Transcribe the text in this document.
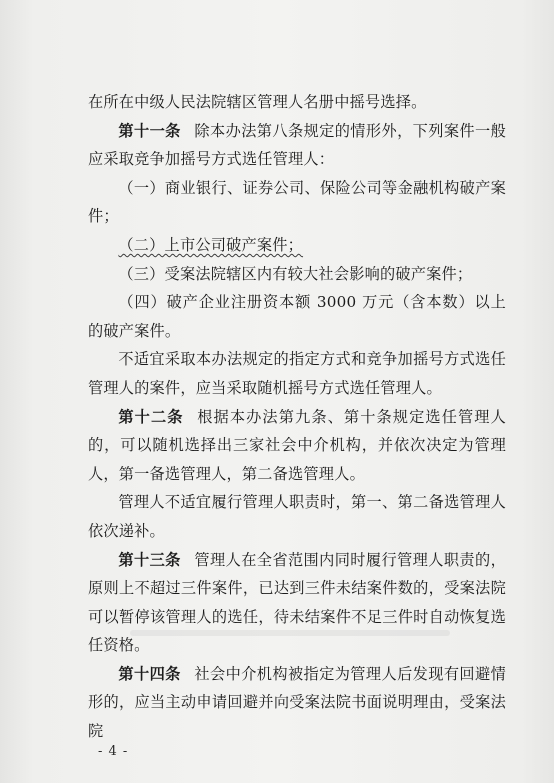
在所在中级人民法院辖区管理人名册中摇号选择。

第十一条 除本办法第八条规定的情形外，下列案件一般应采取竞争加摇号方式选任管理人：

（一）商业银行、证券公司、保险公司等金融机构破产案件；

（二）上市公司破产案件；

（三）受案法院辖区内有较大社会影响的破产案件；

（四）破产企业注册资本额 3000 万元（含本数）以上的破产案件。

不适宜采取本办法规定的指定方式和竞争加摇号方式选任管理人的案件，应当采取随机摇号方式选任管理人。

第十二条 根据本办法第九条、第十条规定选任管理人的，可以随机选择出三家社会中介机构，并依次决定为管理人，第一备选管理人，第二备选管理人。

管理人不适宜履行管理人职责时，第一、第二备选管理人依次递补。

第十三条 管理人在全省范围内同时履行管理人职责的，原则上不超过三件案件，已达到三件未结案件数的，受案法院可以暂停该管理人的选任，待未结案件不足三件时自动恢复选任资格。

第十四条 社会中介机构被指定为管理人后发现有回避情形的，应当主动申请回避并向受案法院书面说明理由，受案法院

- 4 -
